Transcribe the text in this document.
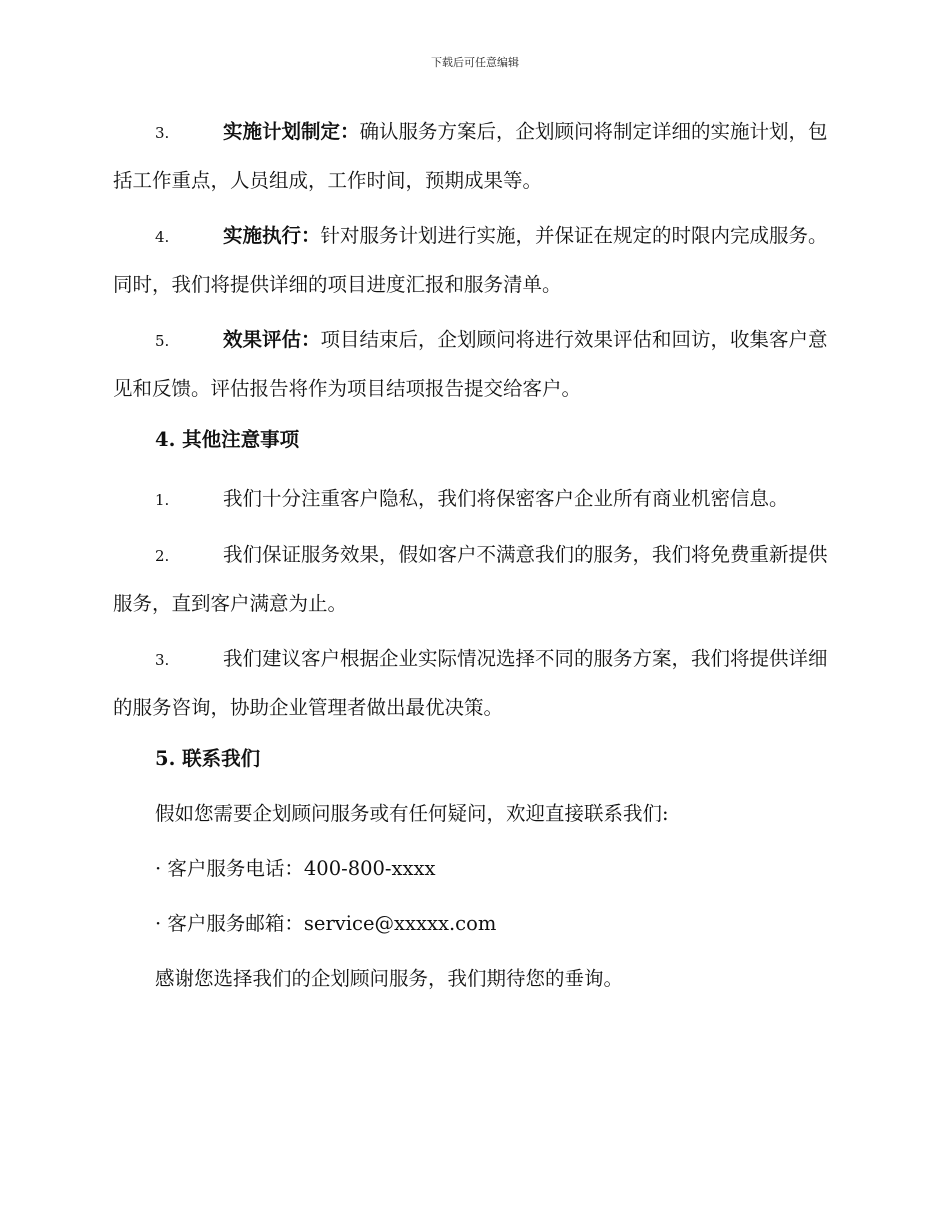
下载后可任意编辑

3.	实施计划制定：确认服务方案后，企划顾问将制定详细的实施计划，包括工作重点，人员组成，工作时间，预期成果等。

4.	实施执行：针对服务计划进行实施，并保证在规定的时限内完成服务。同时，我们将提供详细的项目进度汇报和服务清单。

5.	效果评估：项目结束后，企划顾问将进行效果评估和回访，收集客户意见和反馈。评估报告将作为项目结项报告提交给客户。

4. 其他注意事项

1.	我们十分注重客户隐私，我们将保密客户企业所有商业机密信息。

2.	我们保证服务效果，假如客户不满意我们的服务，我们将免费重新提供服务，直到客户满意为止。

3.	我们建议客户根据企业实际情况选择不同的服务方案，我们将提供详细的服务咨询，协助企业管理者做出最优决策。

5. 联系我们
假如您需要企划顾问服务或有任何疑问，欢迎直接联系我们:
· 客户服务电话：400-800-xxxx
· 客户服务邮箱：service@xxxxx.com
感谢您选择我们的企划顾问服务，我们期待您的垂询。
